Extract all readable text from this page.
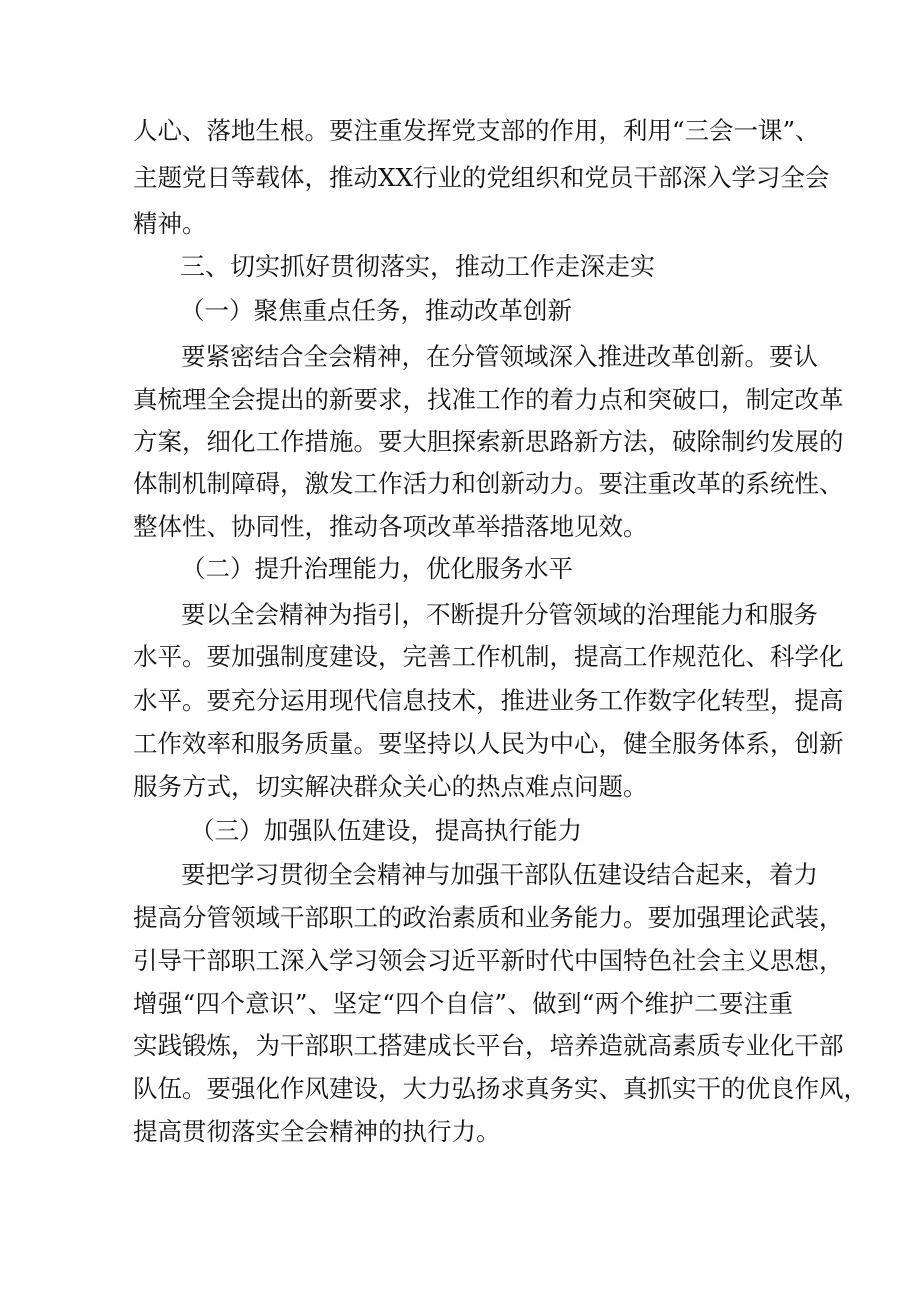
人心、落地生根。要注重发挥党支部的作用，利用“三会一课”、
主题党日等载体，推动XX行业的党组织和党员干部深入学习全会
精神。
三、切实抓好贯彻落实，推动工作走深走实
（一）聚焦重点任务，推动改革创新
要紧密结合全会精神，在分管领域深入推进改革创新。要认
真梳理全会提出的新要求，找准工作的着力点和突破口，制定改革
方案，细化工作措施。要大胆探索新思路新方法，破除制约发展的
体制机制障碍，激发工作活力和创新动力。要注重改革的系统性、
整体性、协同性，推动各项改革举措落地见效。
（二）提升治理能力，优化服务水平
要以全会精神为指引，不断提升分管领域的治理能力和服务
水平。要加强制度建设，完善工作机制，提高工作规范化、科学化
水平。要充分运用现代信息技术，推进业务工作数字化转型，提高
工作效率和服务质量。要坚持以人民为中心，健全服务体系，创新
服务方式，切实解决群众关心的热点难点问题。
（三）加强队伍建设，提高执行能力
要把学习贯彻全会精神与加强干部队伍建设结合起来，着力
提高分管领域干部职工的政治素质和业务能力。要加强理论武装，
引导干部职工深入学习领会习近平新时代中国特色社会主义思想，
增强“四个意识”、坚定“四个自信”、做到“两个维护二要注重
实践锻炼，为干部职工搭建成长平台，培养造就高素质专业化干部
队伍。要强化作风建设，大力弘扬求真务实、真抓实干的优良作风，
提高贯彻落实全会精神的执行力。
